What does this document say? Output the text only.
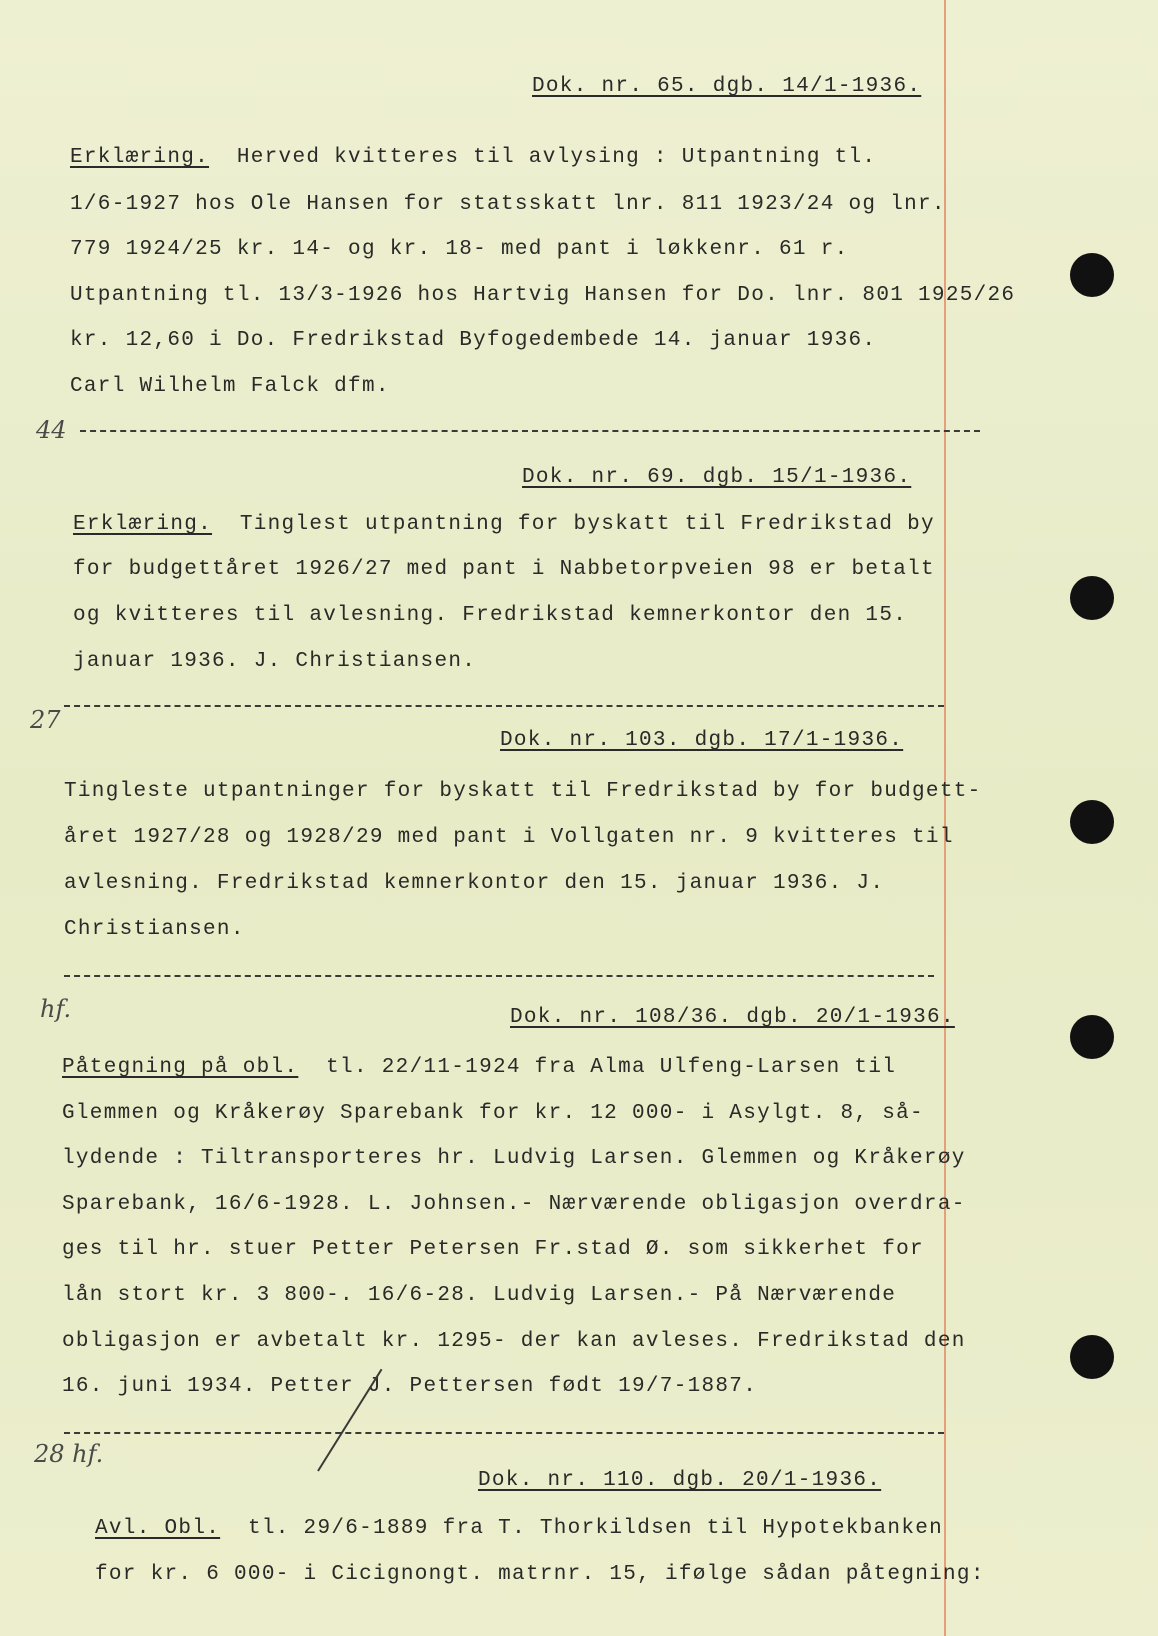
Dok. nr. 65. dgb. 14/1-1936.

Erklæring. Herved kvitteres til avlysing : Utpantning tl.

1/6-1927 hos Ole Hansen for statsskatt lnr. 811 1923/24 og lnr.

779 1924/25 kr. 14- og kr. 18- med pant i løkkenr. 61 r.

Utpantning tl. 13/3-1926 hos Hartvig Hansen for Do. lnr. 801 1925/26

kr. 12,60 i Do. Fredrikstad Byfogedembede 14. januar 1936.

Carl Wilhelm Falck dfm.

44

Dok. nr. 69. dgb. 15/1-1936.

Erklæring. Tinglest utpantning for byskatt til Fredrikstad by

for budgettåret 1926/27 med pant i Nabbetorpveien 98 er betalt

og kvitteres til avlesning. Fredrikstad kemnerkontor den 15.

januar 1936. J. Christiansen.

27

Dok. nr. 103. dgb. 17/1-1936.

Tingleste utpantninger for byskatt til Fredrikstad by for budgett-

året 1927/28 og 1928/29 med pant i Vollgaten nr. 9 kvitteres til

avlesning. Fredrikstad kemnerkontor den 15. januar 1936. J.

Christiansen.

hf.	Dok. nr. 108/36. dgb. 20/1-1936.

Påtegning på obl. tl. 22/11-1924 fra Alma Ulfeng-Larsen til

Glemmen og Kråkerøy Sparebank for kr. 12 000- i Asylgt. 8, så-

lydende : Tiltransporteres hr. Ludvig Larsen. Glemmen og Kråkerøy

Sparebank, 16/6-1928. L. Johnsen.- Nærværende obligasjon overdra-

ges til hr. stuer Petter Petersen Fr.stad Ø. som sikkerhet for

lån stort kr. 3 800-. 16/6-28. Ludvig Larsen.- På Nærværende

obligasjon er avbetalt kr. 1295- der kan avleses. Fredrikstad den

16. juni 1934. Petter J. Pettersen født 19/7-1887.

28 hf.

Dok. nr. 110. dgb. 20/1-1936.

Avl. Obl. tl. 29/6-1889 fra T. Thorkildsen til Hypotekbanken

for kr. 6 000- i Cicignongt. matrnr. 15, ifølge sådan påtegning:
